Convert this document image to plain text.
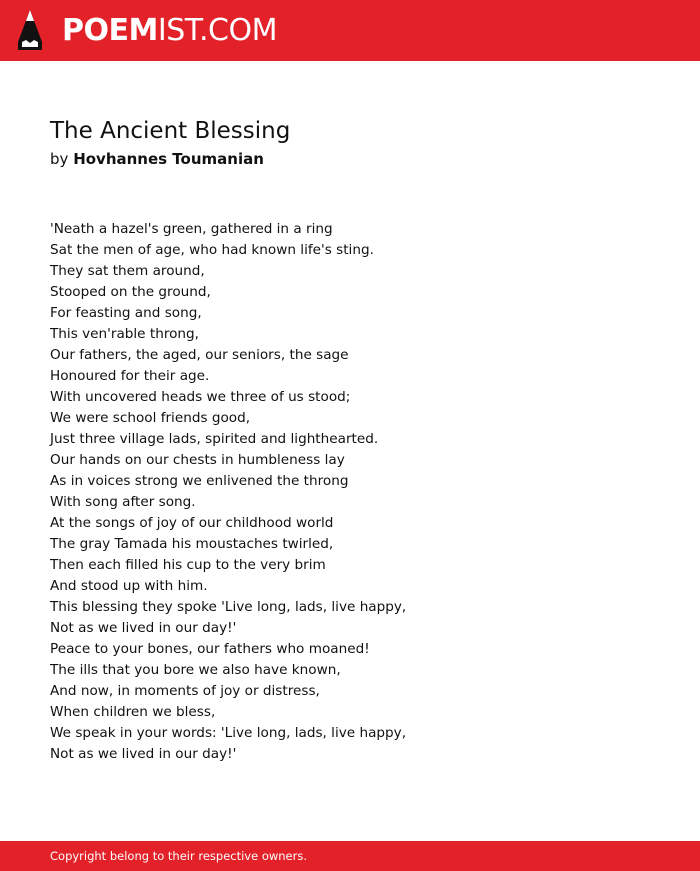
POEMIST.COM
The Ancient Blessing
by Hovhannes Toumanian
'Neath a hazel's green, gathered in a ring
Sat the men of age, who had known life's sting.
They sat them around,
Stooped on the ground,
For feasting and song,
This ven'rable throng,
Our fathers, the aged, our seniors, the sage
Honoured for their age.
With uncovered heads we three of us stood;
We were school friends good,
Just three village lads, spirited and lighthearted.
Our hands on our chests in humbleness lay
As in voices strong we enlivened the throng
With song after song.
At the songs of joy of our childhood world
The gray Tamada his moustaches twirled,
Then each filled his cup to the very brim
And stood up with him.
This blessing they spoke 'Live long, lads, live happy,
Not as we lived in our day!'
Peace to your bones, our fathers who moaned!
The ills that you bore we also have known,
And now, in moments of joy or distress,
When children we bless,
We speak in your words: 'Live long, lads, live happy,
Not as we lived in our day!'
Copyright belong to their respective owners.
